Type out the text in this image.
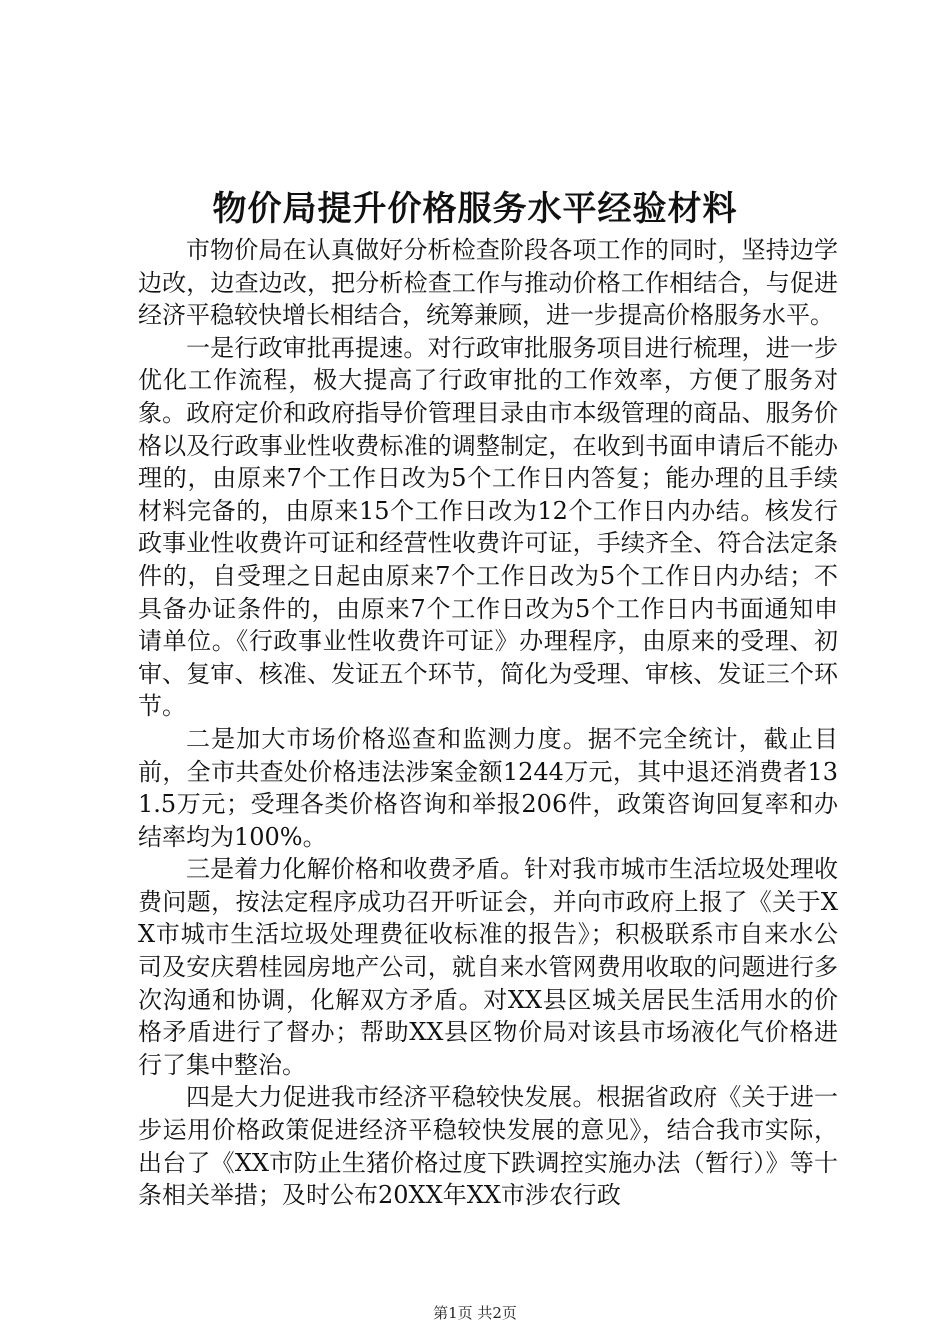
物价局提升价格服务水平经验材料

市物价局在认真做好分析检查阶段各项工作的同时，坚持边学边改，边查边改，把分析检查工作与推动价格工作相结合，与促进经济平稳较快增长相结合，统筹兼顾，进一步提高价格服务水平。

一是行政审批再提速。对行政审批服务项目进行梳理，进一步优化工作流程，极大提高了行政审批的工作效率，方便了服务对象。政府定价和政府指导价管理目录由市本级管理的商品、服务价格以及行政事业性收费标准的调整制定，在收到书面申请后不能办理的，由原来7个工作日改为5个工作日内答复；能办理的且手续材料完备的，由原来15个工作日改为12个工作日内办结。核发行政事业性收费许可证和经营性收费许可证，手续齐全、符合法定条件的，自受理之日起由原来7个工作日改为5个工作日内办结；不具备办证条件的，由原来7个工作日改为5个工作日内书面通知申请单位。《行政事业性收费许可证》办理程序，由原来的受理、初审、复审、核准、发证五个环节，简化为受理、审核、发证三个环节。

二是加大市场价格巡查和监测力度。据不完全统计，截止目前，全市共查处价格违法涉案金额1244万元，其中退还消费者131.5万元；受理各类价格咨询和举报206件，政策咨询回复率和办结率均为100%。

三是着力化解价格和收费矛盾。针对我市城市生活垃圾处理收费问题，按法定程序成功召开听证会，并向市政府上报了《关于XX市城市生活垃圾处理费征收标准的报告》；积极联系市自来水公司及安庆碧桂园房地产公司，就自来水管网费用收取的问题进行多次沟通和协调，化解双方矛盾。对XX县区城关居民生活用水的价格矛盾进行了督办；帮助XX县区物价局对该县市场液化气价格进行了集中整治。

四是大力促进我市经济平稳较快发展。根据省政府《关于进一步运用价格政策促进经济平稳较快发展的意见》，结合我市实际，出台了《XX市防止生猪价格过度下跌调控实施办法（暂行）》等十条相关举措；及时公布20XX年XX市涉农行政

第1页 共2页
